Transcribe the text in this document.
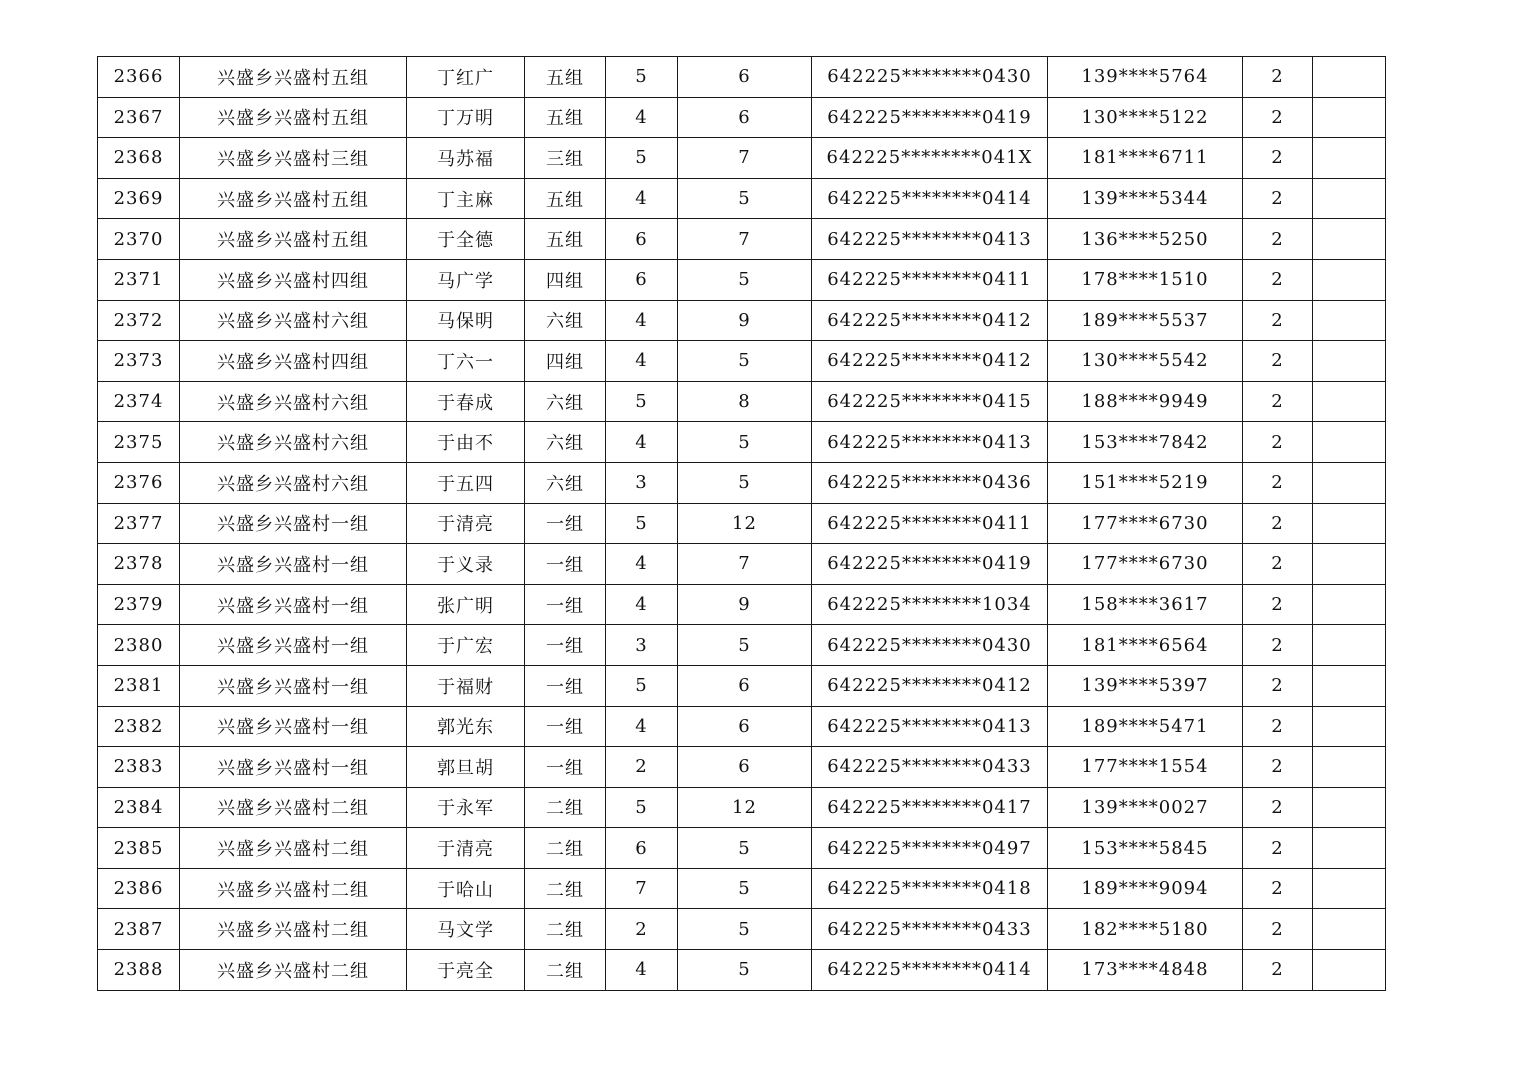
2366	兴盛乡兴盛村五组	丁红广	五组	5	6	642225********0430	139****5764	2	
2367	兴盛乡兴盛村五组	丁万明	五组	4	6	642225********0419	130****5122	2	
2368	兴盛乡兴盛村三组	马苏福	三组	5	7	642225********041X	181****6711	2	
2369	兴盛乡兴盛村五组	丁主麻	五组	4	5	642225********0414	139****5344	2	
2370	兴盛乡兴盛村五组	于全德	五组	6	7	642225********0413	136****5250	2	
2371	兴盛乡兴盛村四组	马广学	四组	6	5	642225********0411	178****1510	2	
2372	兴盛乡兴盛村六组	马保明	六组	4	9	642225********0412	189****5537	2	
2373	兴盛乡兴盛村四组	丁六一	四组	4	5	642225********0412	130****5542	2	
2374	兴盛乡兴盛村六组	于春成	六组	5	8	642225********0415	188****9949	2	
2375	兴盛乡兴盛村六组	于由不	六组	4	5	642225********0413	153****7842	2	
2376	兴盛乡兴盛村六组	于五四	六组	3	5	642225********0436	151****5219	2	
2377	兴盛乡兴盛村一组	于清亮	一组	5	12	642225********0411	177****6730	2	
2378	兴盛乡兴盛村一组	于义录	一组	4	7	642225********0419	177****6730	2	
2379	兴盛乡兴盛村一组	张广明	一组	4	9	642225********1034	158****3617	2	
2380	兴盛乡兴盛村一组	于广宏	一组	3	5	642225********0430	181****6564	2	
2381	兴盛乡兴盛村一组	于福财	一组	5	6	642225********0412	139****5397	2	
2382	兴盛乡兴盛村一组	郭光东	一组	4	6	642225********0413	189****5471	2	
2383	兴盛乡兴盛村一组	郭旦胡	一组	2	6	642225********0433	177****1554	2	
2384	兴盛乡兴盛村二组	于永军	二组	5	12	642225********0417	139****0027	2	
2385	兴盛乡兴盛村二组	于清亮	二组	6	5	642225********0497	153****5845	2	
2386	兴盛乡兴盛村二组	于哈山	二组	7	5	642225********0418	189****9094	2	
2387	兴盛乡兴盛村二组	马文学	二组	2	5	642225********0433	182****5180	2	
2388	兴盛乡兴盛村二组	于亮全	二组	4	5	642225********0414	173****4848	2	
